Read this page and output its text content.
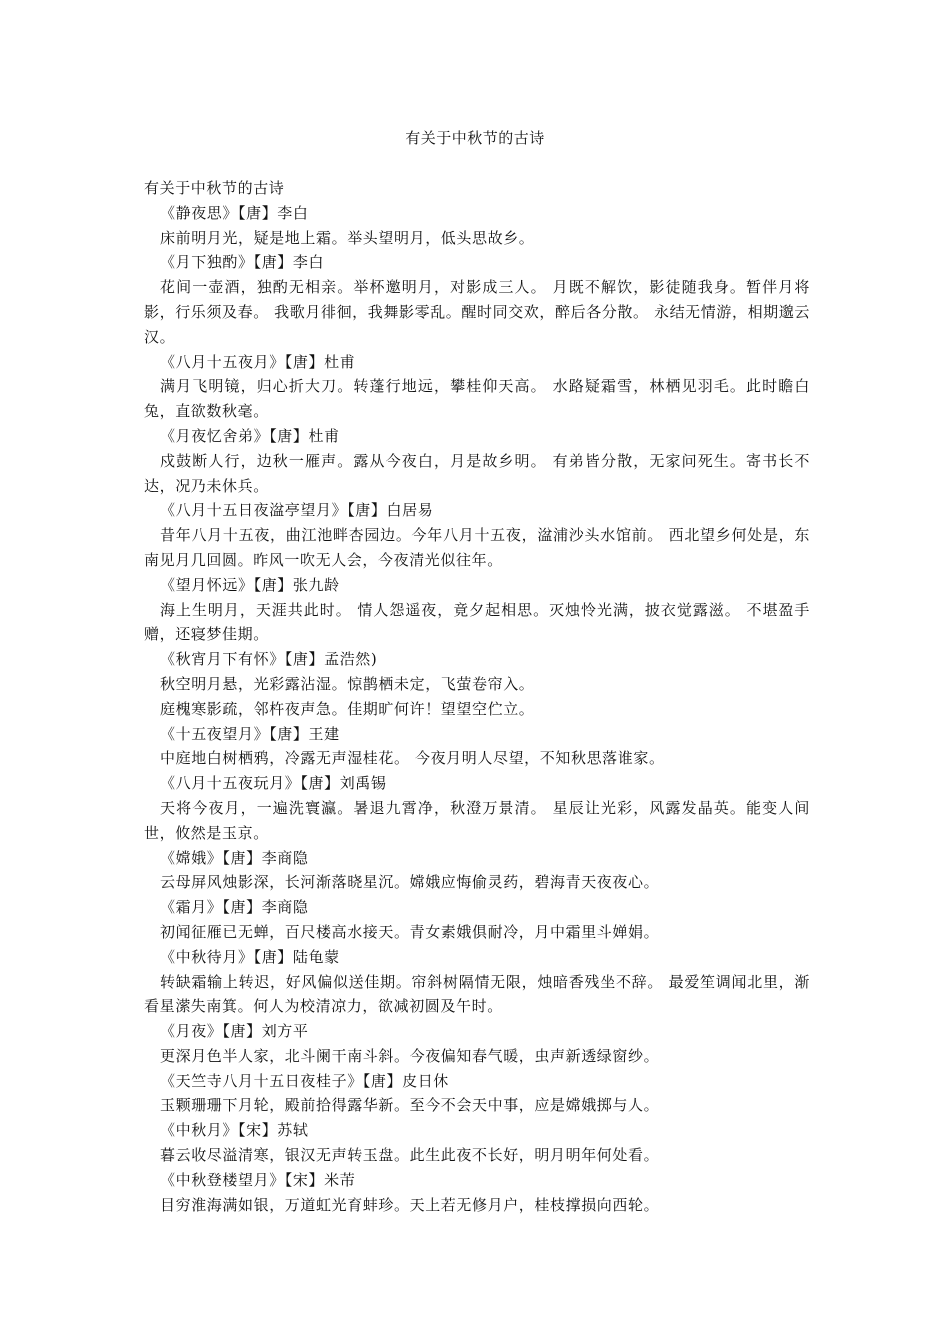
有关于中秋节的古诗

有关于中秋节的古诗

《静夜思》【唐】李白

床前明月光，疑是地上霜。举头望明月，低头思故乡。

《月下独酌》【唐】李白

花间一壶酒，独酌无相亲。举杯邀明月，对影成三人。 月既不解饮，影徒随我身。暂伴月将影，行乐须及春。 我歌月徘徊，我舞影零乱。醒时同交欢，醉后各分散。 永结无情游，相期邈云汉。

《八月十五夜月》【唐】杜甫

满月飞明镜，归心折大刀。转蓬行地远，攀桂仰天高。 水路疑霜雪，林栖见羽毛。此时瞻白兔，直欲数秋毫。

《月夜忆舍弟》【唐】杜甫

戍鼓断人行，边秋一雁声。露从今夜白，月是故乡明。 有弟皆分散，无家问死生。寄书长不达，况乃未休兵。

《八月十五日夜湓亭望月》【唐】白居易

昔年八月十五夜，曲江池畔杏园边。今年八月十五夜，湓浦沙头水馆前。 西北望乡何处是，东南见月几回圆。昨风一吹无人会，今夜清光似往年。

《望月怀远》【唐】张九龄

海上生明月，天涯共此时。 情人怨遥夜，竟夕起相思。灭烛怜光满，披衣觉露滋。 不堪盈手赠，还寝梦佳期。

《秋宵月下有怀》【唐】孟浩然)

秋空明月悬，光彩露沾湿。惊鹊栖未定，飞萤卷帘入。

庭槐寒影疏，邻杵夜声急。佳期旷何许！望望空伫立。

《十五夜望月》【唐】王建

中庭地白树栖鸦，冷露无声湿桂花。 今夜月明人尽望，不知秋思落谁家。

《八月十五夜玩月》【唐】刘禹锡

天将今夜月，一遍洗寰瀛。暑退九霄净，秋澄万景清。 星辰让光彩，风露发晶英。能变人间世，攸然是玉京。

《嫦娥》【唐】李商隐

云母屏风烛影深，长河渐落晓星沉。嫦娥应悔偷灵药，碧海青天夜夜心。

《霜月》【唐】李商隐

初闻征雁已无蝉，百尺楼高水接天。青女素娥俱耐冷，月中霜里斗婵娟。

《中秋待月》【唐】陆龟蒙

转缺霜输上转迟，好风偏似送佳期。帘斜树隔情无限，烛暗香残坐不辞。 最爱笙调闻北里，渐看星潆失南箕。何人为校清凉力，欲减初圆及午时。

《月夜》【唐】刘方平

更深月色半人家，北斗阑干南斗斜。今夜偏知春气暖，虫声新透绿窗纱。

《天竺寺八月十五日夜桂子》【唐】皮日休

玉颗珊珊下月轮，殿前拾得露华新。至今不会天中事，应是嫦娥掷与人。

《中秋月》【宋】苏轼

暮云收尽溢清寒，银汉无声转玉盘。此生此夜不长好，明月明年何处看。

《中秋登楼望月》【宋】米芾

目穷淮海满如银，万道虹光育蚌珍。天上若无修月户，桂枝撑损向西轮。
